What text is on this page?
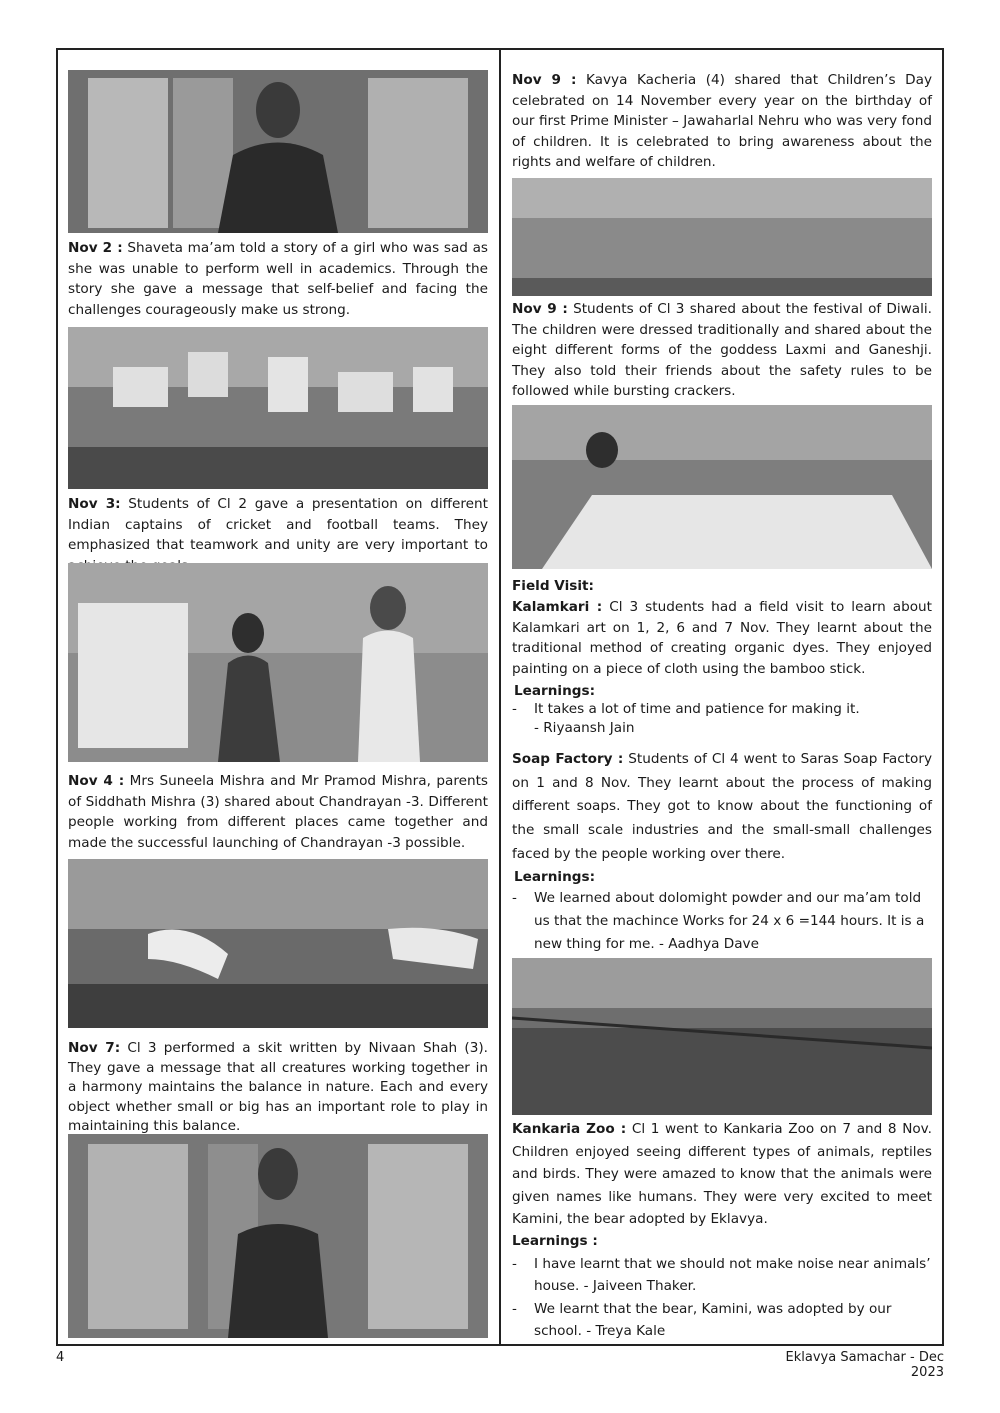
Nov 2 : Shaveta ma’am told a story of a girl who was sad as she was unable to perform well in academics. Through the story she gave a message that self-belief and facing the challenges courageously make us strong.

Nov 3: Students of Cl 2 gave a presentation on different Indian captains of cricket and football teams. They emphasized that teamwork and unity are very important to

Nov 4 : Mrs Suneela Mishra and Mr Pramod Mishra, parents of Siddhath Mishra (3) shared about Chandrayan -3. Different people working from different places came together and made the successful launching of Chandrayan -3 possible.

Nov 7: Cl 3 performed a skit written by Nivaan Shah (3). They gave a message that all creatures working together in a harmony maintains the balance in nature. Each and every object whether small or big has an important role to play in maintaining this balance.

Nov 9 : Kavya Kacheria (4) shared that Children’s Day celebrated on 14 November every year on the birthday of our first Prime Minister – Jawaharlal Nehru who was very fond of children. It is celebrated to bring awareness about the rights and welfare of children.

Nov 9 : Students of Cl 3 shared about the festival of Diwali. The children were dressed traditionally and shared about the eight different forms of the goddess Laxmi and Ganeshji. They also told their friends about the safety rules to be followed while bursting crackers.

Field Visit:

Kalamkari : Cl 3 students had a field visit to learn about Kalamkari art on 1, 2, 6 and 7 Nov. They learnt about the traditional method of creating organic dyes. They enjoyed painting on a piece of cloth using the bamboo stick.

Learnings:

- It takes a lot of time and patience for making it. - Riyaansh Jain

Soap Factory : Students of Cl 4 went to Saras Soap Factory on 1 and 8 Nov. They learnt about the process of making different soaps. They got to know about the functioning of the small scale industries and the small-small challenges faced by the people working over there.

Learnings:

- We learned about dolomight powder and our ma’am told us that the machince Works for 24 x 6 =144 hours. It is a new thing for me. - Aadhya Dave

Kankaria Zoo : Cl 1 went to Kankaria Zoo on 7 and 8 Nov. Children enjoyed seeing different types of animals, reptiles and birds. They were amazed to know that the animals were given names like humans. They were very excited to meet Kamini, the bear adopted by Eklavya.

Learnings :

- I have learnt that we should not make noise near animals’ house. - Jaiveen Thaker.
- We learnt that the bear, Kamini, was adopted by our school. - Treya Kale
4	Eklavya Samachar - Dec 2023
